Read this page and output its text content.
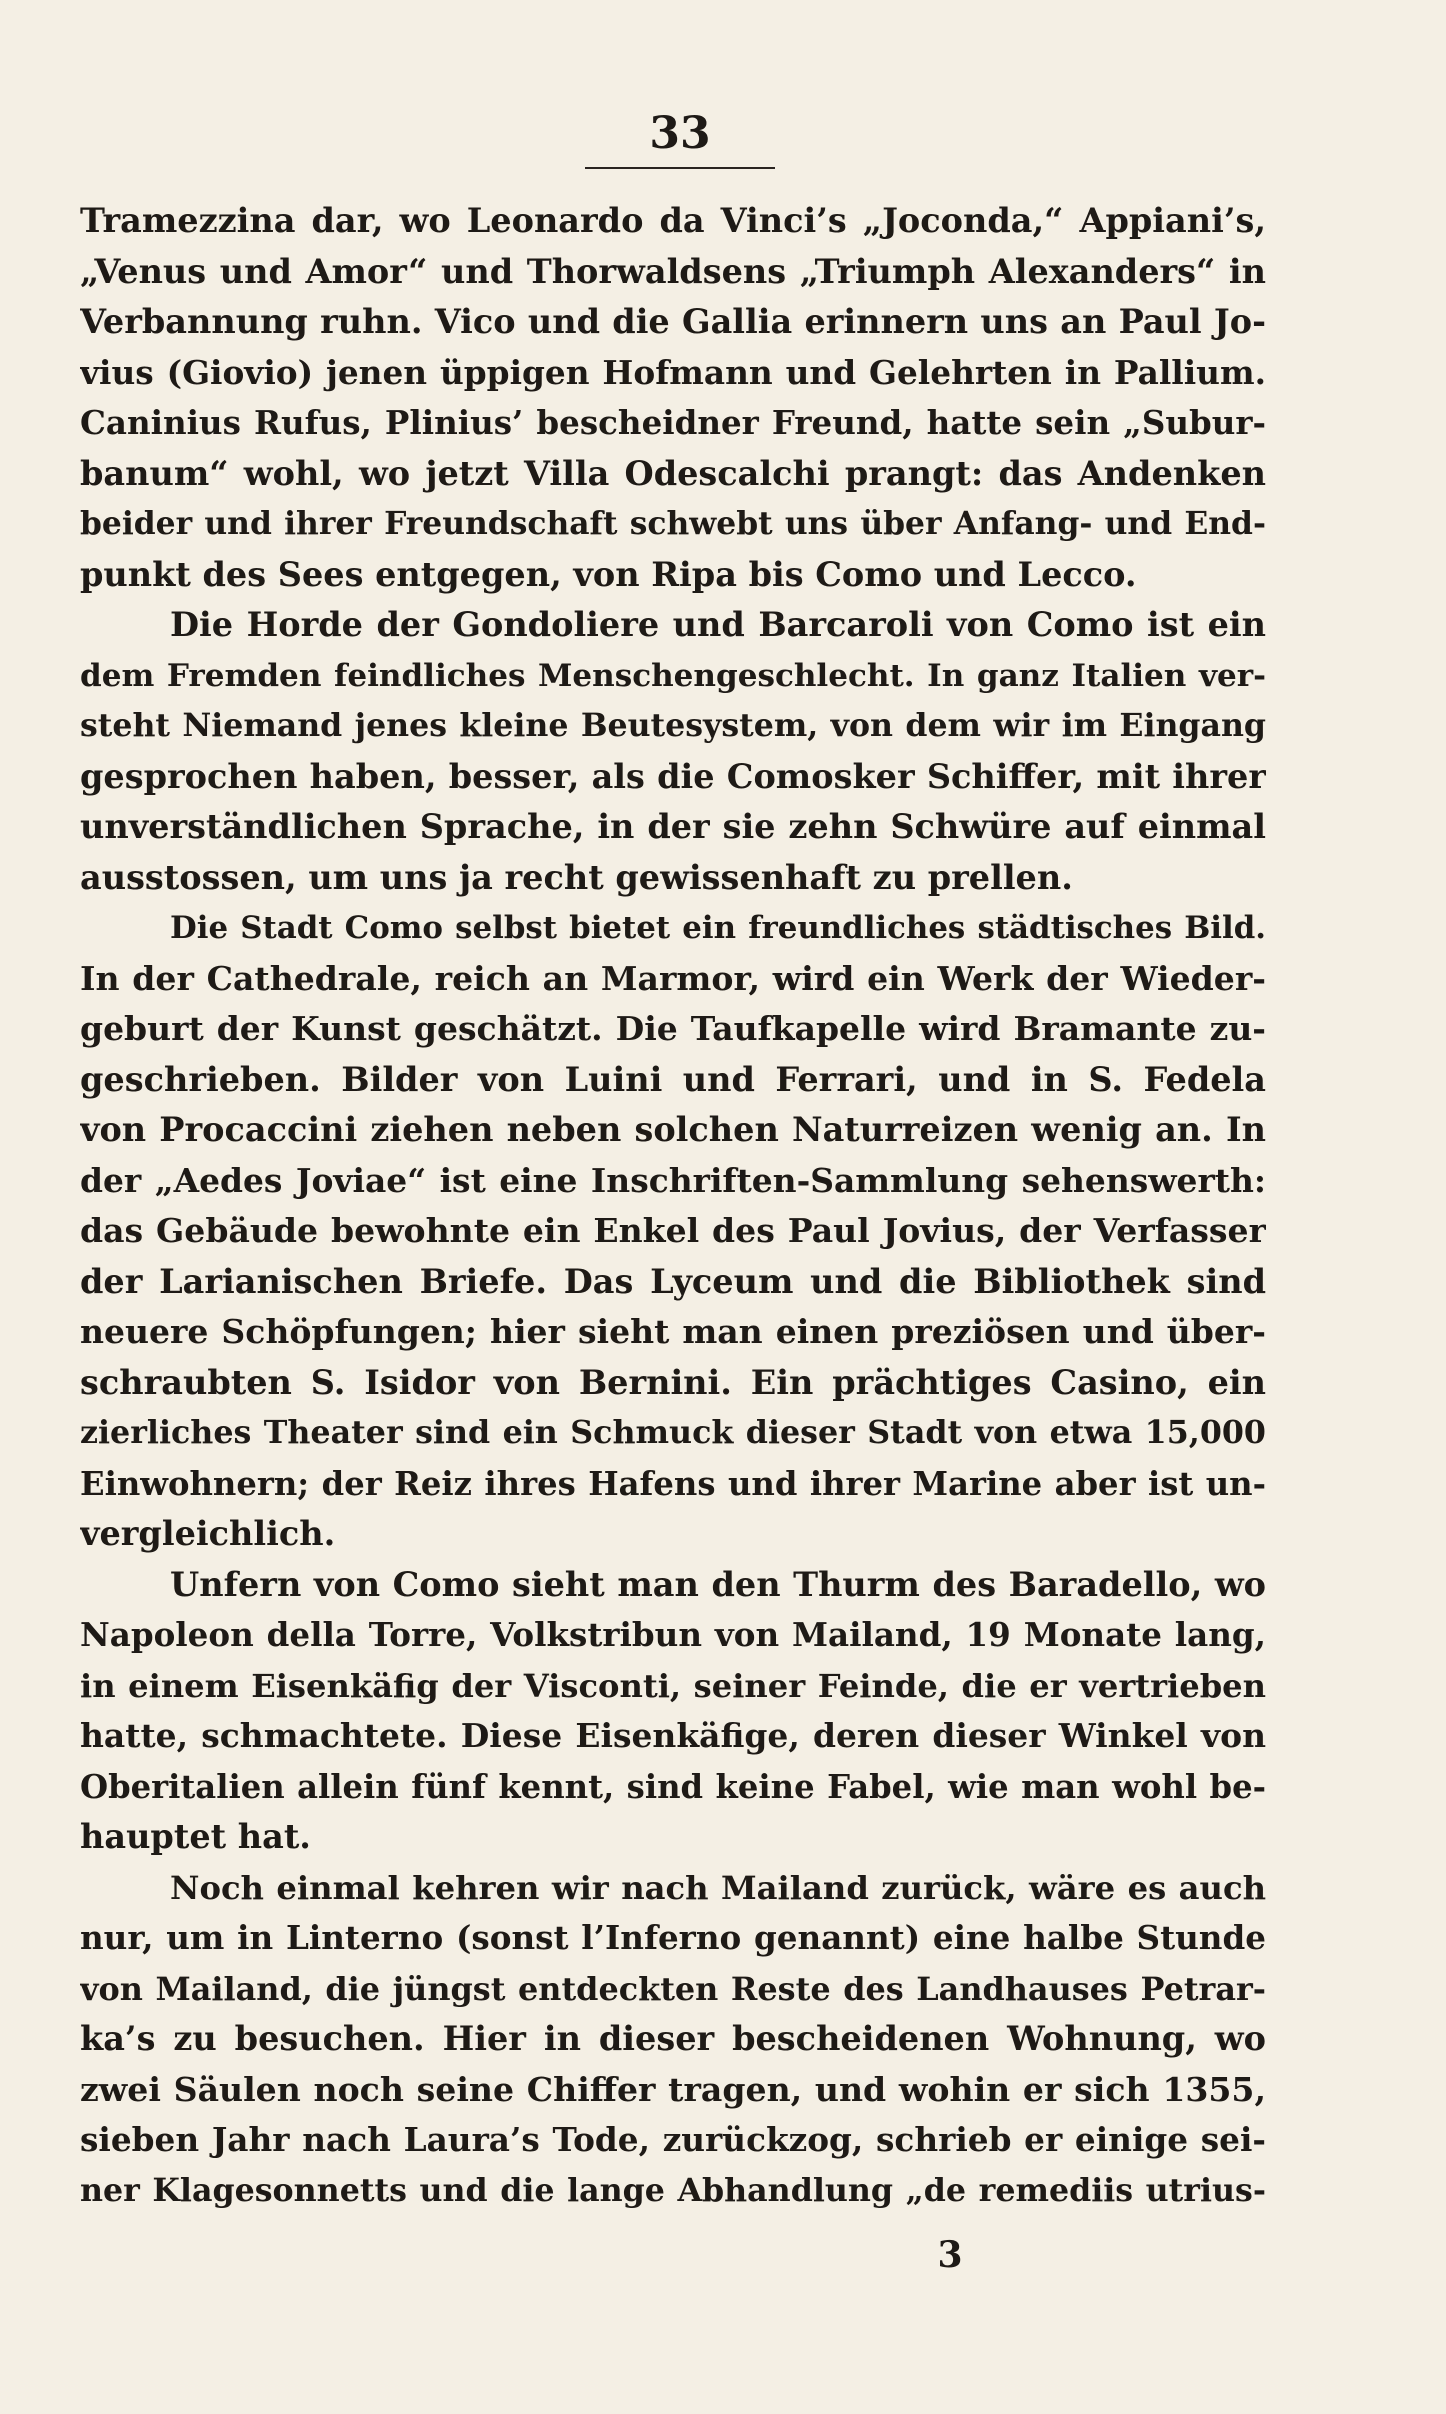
33

Tramezzina dar, wo Leonardo da Vinci’s „Joconda,“ Appiani’s,
„Venus und Amor“ und Thorwaldsens „Triumph Alexanders“ in
Verbannung ruhn. Vico und die Gallia erinnern uns an Paul Jo-
vius (Giovio) jenen üppigen Hofmann und Gelehrten in Pallium.
Caninius Rufus, Plinius’ bescheidner Freund, hatte sein „Subur-
banum“ wohl, wo jetzt Villa Odescalchi prangt: das Andenken
beider und ihrer Freundschaft schwebt uns über Anfang- und End-
punkt des Sees entgegen, von Ripa bis Como und Lecco.
Die Horde der Gondoliere und Barcaroli von Como ist ein
dem Fremden feindliches Menschengeschlecht. In ganz Italien ver-
steht Niemand jenes kleine Beutesystem, von dem wir im Eingang
gesprochen haben, besser, als die Comosker Schiffer, mit ihrer
unverständlichen Sprache, in der sie zehn Schwüre auf einmal
ausstossen, um uns ja recht gewissenhaft zu prellen.
Die Stadt Como selbst bietet ein freundliches städtisches Bild.
In der Cathedrale, reich an Marmor, wird ein Werk der Wieder-
geburt der Kunst geschätzt. Die Taufkapelle wird Bramante zu-
geschrieben. Bilder von Luini und Ferrari, und in S. Fedela
von Procaccini ziehen neben solchen Naturreizen wenig an. In
der „Aedes Joviae“ ist eine Inschriften-Sammlung sehenswerth:
das Gebäude bewohnte ein Enkel des Paul Jovius, der Verfasser
der Larianischen Briefe. Das Lyceum und die Bibliothek sind
neuere Schöpfungen; hier sieht man einen preziösen und über-
schraubten S. Isidor von Bernini. Ein prächtiges Casino, ein
zierliches Theater sind ein Schmuck dieser Stadt von etwa 15,000
Einwohnern; der Reiz ihres Hafens und ihrer Marine aber ist un-
vergleichlich.
Unfern von Como sieht man den Thurm des Baradello, wo
Napoleon della Torre, Volkstribun von Mailand, 19 Monate lang,
in einem Eisenkäfig der Visconti, seiner Feinde, die er vertrieben
hatte, schmachtete. Diese Eisenkäfige, deren dieser Winkel von
Oberitalien allein fünf kennt, sind keine Fabel, wie man wohl be-
hauptet hat.
Noch einmal kehren wir nach Mailand zurück, wäre es auch
nur, um in Linterno (sonst l’Inferno genannt) eine halbe Stunde
von Mailand, die jüngst entdeckten Reste des Landhauses Petrar-
ka’s zu besuchen. Hier in dieser bescheidenen Wohnung, wo
zwei Säulen noch seine Chiffer tragen, und wohin er sich 1355,
sieben Jahr nach Laura’s Tode, zurückzog, schrieb er einige sei-
ner Klagesonnetts und die lange Abhandlung „de remediis utrius-

3
